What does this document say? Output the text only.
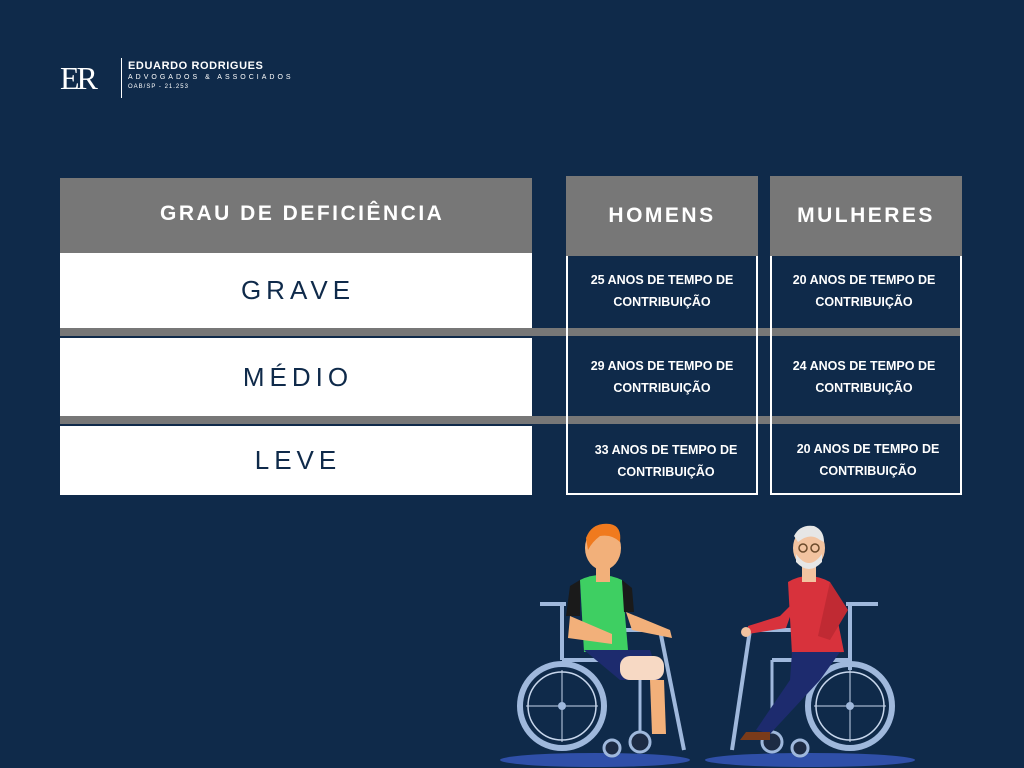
ER	EDUARDO RODRIGUES
ADVOGADOS & ASSOCIADOS
OAB/SP - 21.253
GRAU DE DEFICIÊNCIA
GRAVE
MÉDIO
LEVE
HOMENS
25 ANOS DE TEMPO DE
CONTRIBUIÇÃO
29 ANOS DE TEMPO DE
CONTRIBUIÇÃO
33 ANOS DE TEMPO DE
CONTRIBUIÇÃO
MULHERES
20 ANOS DE TEMPO DE
CONTRIBUIÇÃO
24 ANOS DE TEMPO DE
CONTRIBUIÇÃO
20 ANOS DE TEMPO DE
CONTRIBUIÇÃO
